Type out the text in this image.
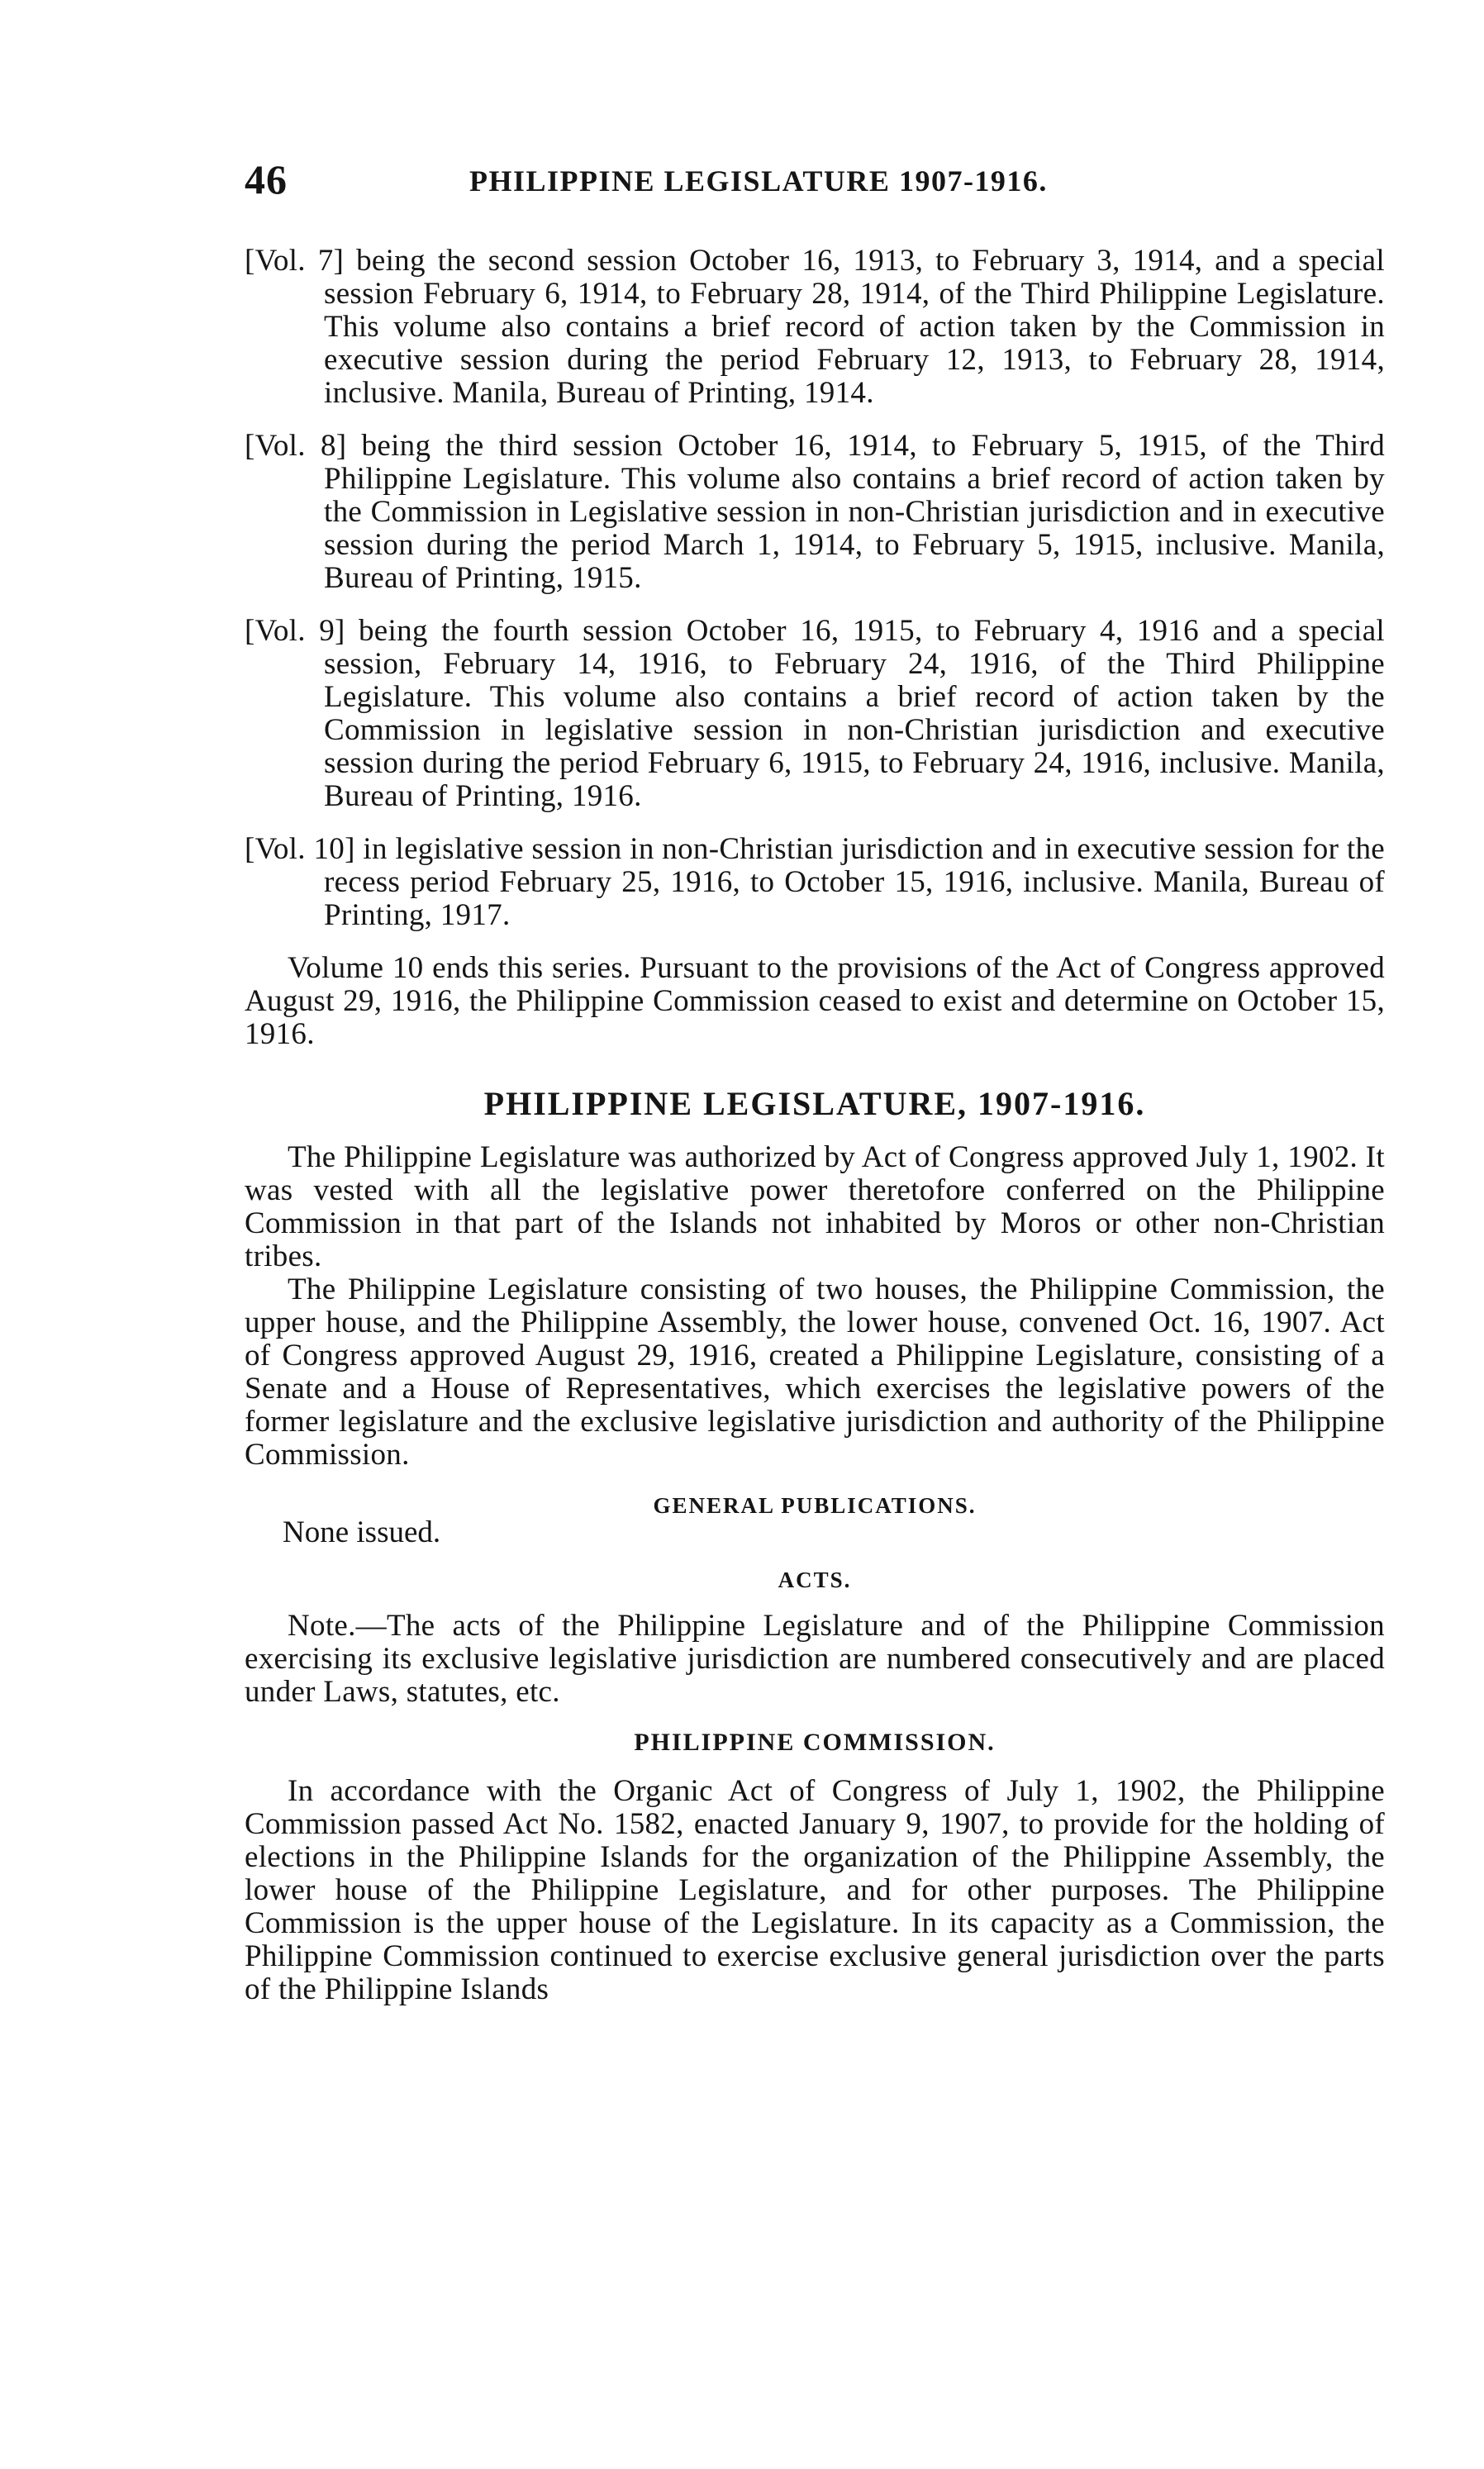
46	PHILIPPINE LEGISLATURE 1907-1916.

[Vol. 7] being the second session October 16, 1913, to February 3, 1914, and a special session February 6, 1914, to February 28, 1914, of the Third Philippine Legislature. This volume also contains a brief record of action taken by the Commission in executive session during the period February 12, 1913, to February 28, 1914, inclusive. Manila, Bureau of Printing, 1914.

[Vol. 8] being the third session October 16, 1914, to February 5, 1915, of the Third Philippine Legislature. This volume also contains a brief record of action taken by the Commission in Legislative session in non-Christian jurisdiction and in executive session during the period March 1, 1914, to February 5, 1915, inclusive. Manila, Bureau of Printing, 1915.

[Vol. 9] being the fourth session October 16, 1915, to February 4, 1916 and a special session, February 14, 1916, to February 24, 1916, of the Third Philippine Legislature. This volume also contains a brief record of action taken by the Commission in legislative session in non-Christian jurisdiction and executive session during the period February 6, 1915, to February 24, 1916, inclusive. Manila, Bureau of Printing, 1916.

[Vol. 10] in legislative session in non-Christian jurisdiction and in executive session for the recess period February 25, 1916, to October 15, 1916, inclusive. Manila, Bureau of Printing, 1917.

Volume 10 ends this series. Pursuant to the provisions of the Act of Congress approved August 29, 1916, the Philippine Commission ceased to exist and determine on October 15, 1916.

PHILIPPINE LEGISLATURE, 1907-1916.

The Philippine Legislature was authorized by Act of Congress approved July 1, 1902. It was vested with all the legislative power theretofore conferred on the Philippine Commission in that part of the Islands not inhabited by Moros or other non-Christian tribes.

The Philippine Legislature consisting of two houses, the Philippine Commission, the upper house, and the Philippine Assembly, the lower house, convened Oct. 16, 1907. Act of Congress approved August 29, 1916, created a Philippine Legislature, consisting of a Senate and a House of Representatives, which exercises the legislative powers of the former legislature and the exclusive legislative jurisdiction and authority of the Philippine Commission.

GENERAL PUBLICATIONS.
None issued.
ACTS.

Note.—The acts of the Philippine Legislature and of the Philippine Commission exercising its exclusive legislative jurisdiction are numbered consecutively and are placed under Laws, statutes, etc.

PHILIPPINE COMMISSION.

In accordance with the Organic Act of Congress of July 1, 1902, the Philippine Commission passed Act No. 1582, enacted January 9, 1907, to provide for the holding of elections in the Philippine Islands for the organization of the Philippine Assembly, the lower house of the Philippine Legislature, and for other purposes. The Philippine Commission is the upper house of the Legislature. In its capacity as a Commission, the Philippine Commission continued to exercise exclusive general jurisdiction over the parts of the Philippine Islands
